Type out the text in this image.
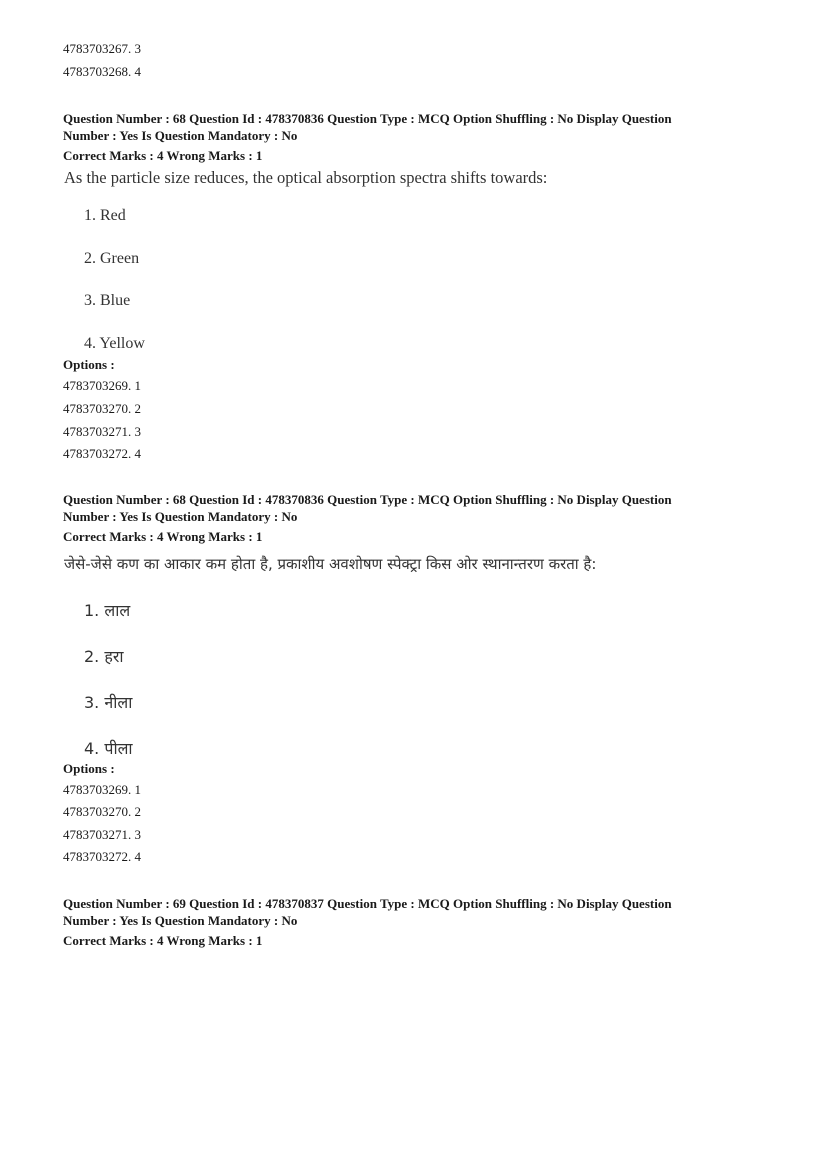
4783703267. 3
4783703268. 4
Question Number : 68 Question Id : 478370836 Question Type : MCQ Option Shuffling : No Display Question
Number : Yes Is Question Mandatory : No
Correct Marks : 4 Wrong Marks : 1
As the particle size reduces, the optical absorption spectra shifts towards:
1. Red
2. Green
3. Blue
4. Yellow
Options :
4783703269. 1
4783703270. 2
4783703271. 3
4783703272. 4
Question Number : 68 Question Id : 478370836 Question Type : MCQ Option Shuffling : No Display Question
Number : Yes Is Question Mandatory : No
Correct Marks : 4 Wrong Marks : 1
जेसे-जेसे कण का आकार कम होता है, प्रकाशीय अवशोषण स्पेक्ट्रा किस ओर स्थानान्तरण करता है:
1. लाल
2. हरा
3. नीला
4. पीला
Options :
4783703269. 1
4783703270. 2
4783703271. 3
4783703272. 4
Question Number : 69 Question Id : 478370837 Question Type : MCQ Option Shuffling : No Display Question
Number : Yes Is Question Mandatory : No
Correct Marks : 4 Wrong Marks : 1
